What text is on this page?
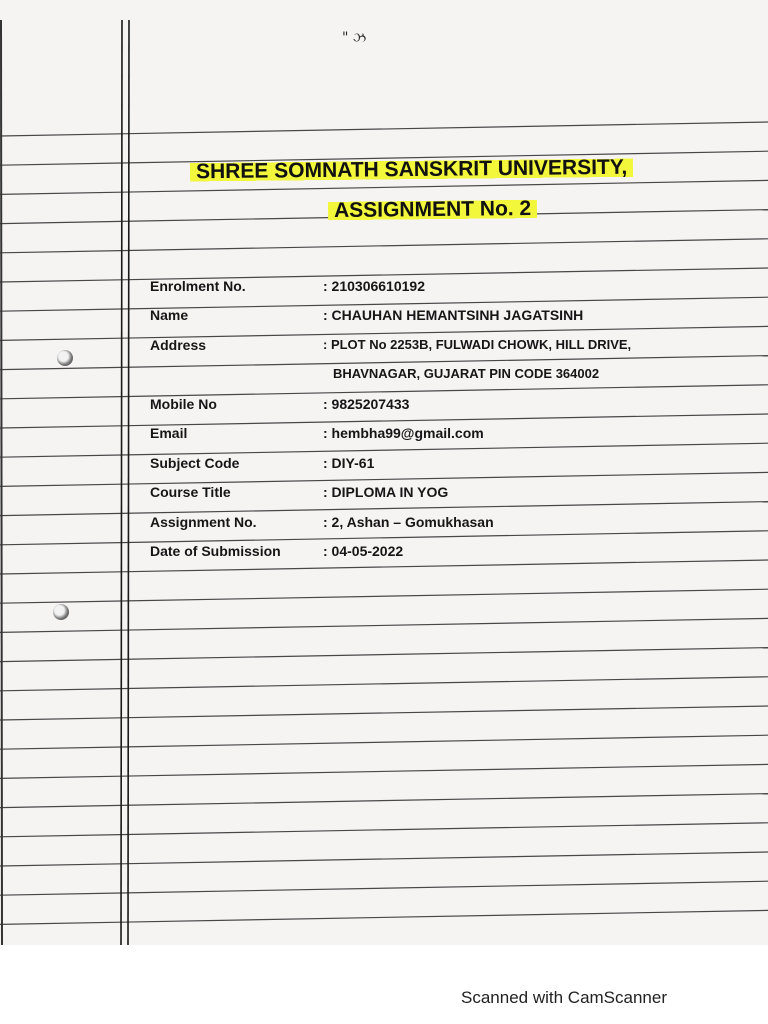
" ઝ
SHREE SOMNATH SANSKRIT UNIVERSITY,
ASSIGNMENT No. 2
Enrolment No.	: 210306610192
Name	: CHAUHAN HEMANTSINH JAGATSINH
Address	: PLOT No 2253B, FULWADI CHOWK, HILL DRIVE,
BHAVNAGAR, GUJARAT PIN CODE 364002
Mobile No	: 9825207433
Email	: hembha99@gmail.com
Subject Code	: DIY-61
Course Title	: DIPLOMA IN YOG
Assignment No.	: 2, Ashan – Gomukhasan
Date of Submission	: 04-05-2022
Scanned with CamScanner
